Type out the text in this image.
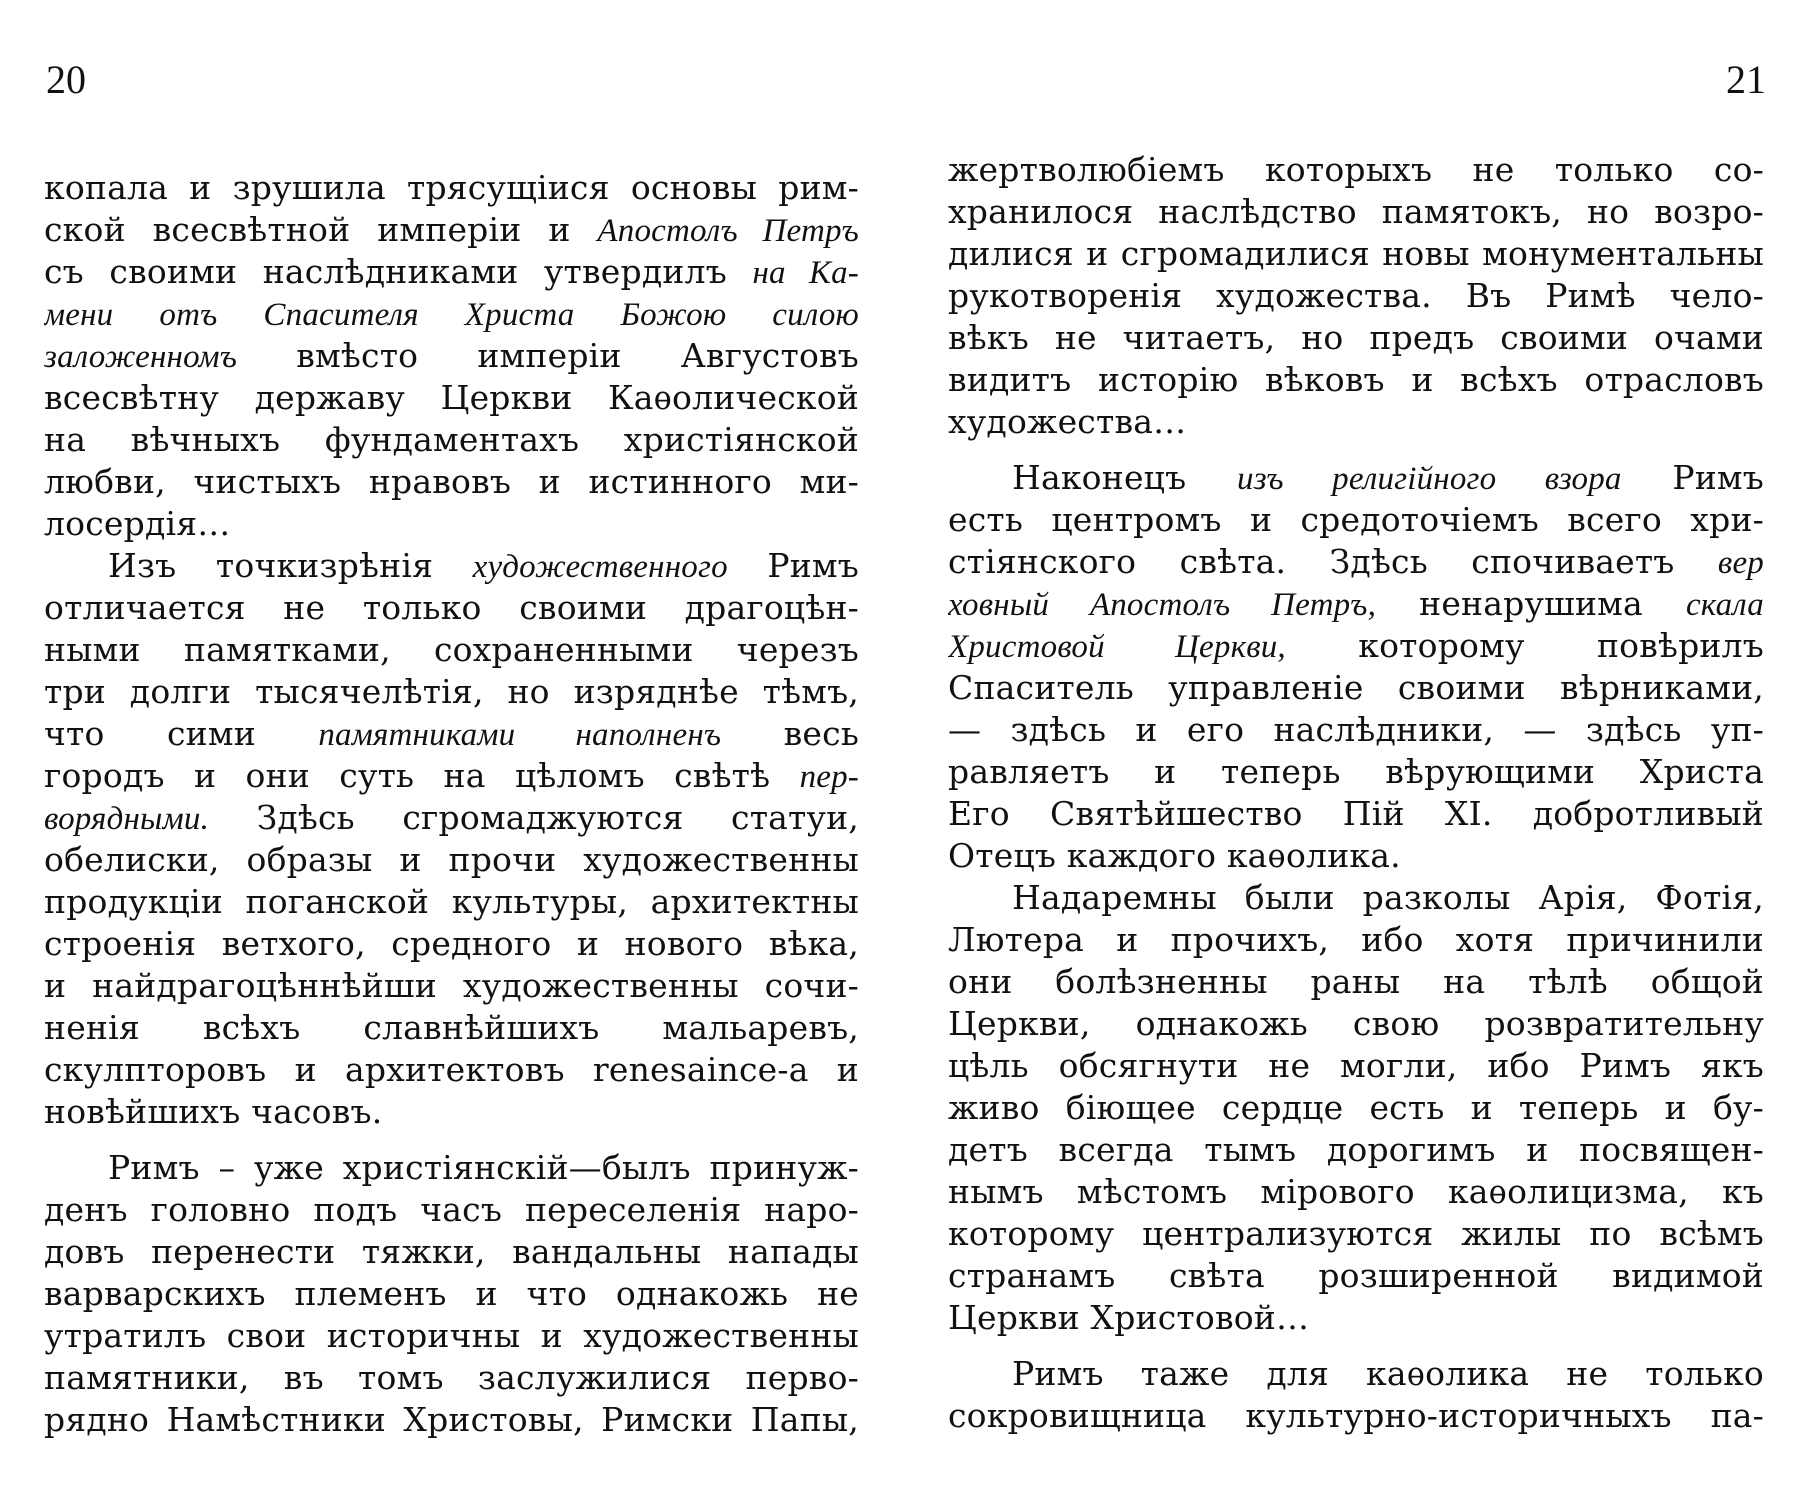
20
копала и зрушила трясущіися основы рим-
ской всесвѣтной имперіи и Апостолъ Петръ
съ своими наслѣдниками утвердилъ на Ка-
мени отъ Спасителя Христа Божою силою
заложенномъ вмѣсто имперіи Августовъ
всесвѣтну державу Церкви Каѳолической
на вѣчныхъ фундаментахъ христіянской
любви, чистыхъ нравовъ и истинного ми-
лосердія…
Изъ точкизрѣнія художественного Римъ
отличается не только своими драгоцѣн-
ными памятками, сохраненными черезъ
три долги тысячелѣтія, но изряднѣе тѣмъ,
что сими памятниками наполненъ весь
городъ и они суть на цѣломъ свѣтѣ пер-
ворядными. Здѣсь сгромаджуются статуи,
обелиски, образы и прочи художественны
продукціи поганской культуры, архитектны
строенія ветхого, средного и нового вѣка,
и найдрагоцѣннѣйши художественны сочи-
ненія всѣхъ славнѣйшихъ мальаревъ,
скулпторовъ и архитектовъ renesaince-а и
новѣйшихъ часовъ.
Римъ – уже христіянскій—былъ принуж-
денъ головно подъ часъ переселенія наро-
довъ перенести тяжки, вандальны напады
варварскихъ племенъ и что однакожь не
утратилъ свои историчны и художественны
памятники, въ томъ заслужилися перво-
рядно Намѣстники Христовы, Римски Папы,
21
жертволюбіемъ которыхъ не только со-
хранилося наслѣдство памятокъ, но возро-
дилися и сгромадилися новы монументальны
рукотворенія художества. Въ Римѣ чело-
вѣкъ не читаетъ, но предъ своими очами
видитъ исторію вѣковъ и всѣхъ отрасловъ
художества…
Наконецъ изъ религійного взора Римъ
есть центромъ и средоточіемъ всего хри-
стіянского свѣта. Здѣсь спочиваетъ вер
ховный Апостолъ Петръ, ненарушима скала
Христовой Церкви, которому повѣрилъ
Спаситель управленіе своими вѣрниками,
— здѣсь и его наслѣдники, — здѣсь уп-
равляетъ и теперь вѣрующими Христа
Его Святѣйшество Пій XI. добротливый
Отецъ каждого каѳолика.
Надаремны были разколы Арія, Фотія,
Лютера и прочихъ, ибо хотя причинили
они болѣзненны раны на тѣлѣ общой
Церкви, однакожь свою розвратительну
цѣль обсягнути не могли, ибо Римъ якъ
живо біющее сердце есть и теперь и бу-
детъ всегда тымъ дорогимъ и посвящен-
нымъ мѣстомъ мірового каѳолицизма, къ
которому централизуются жилы по всѣмъ
странамъ свѣта розширенной видимой
Церкви Христовой…
Римъ таже для каѳолика не только
сокровищница культурно-историчныхъ па-
